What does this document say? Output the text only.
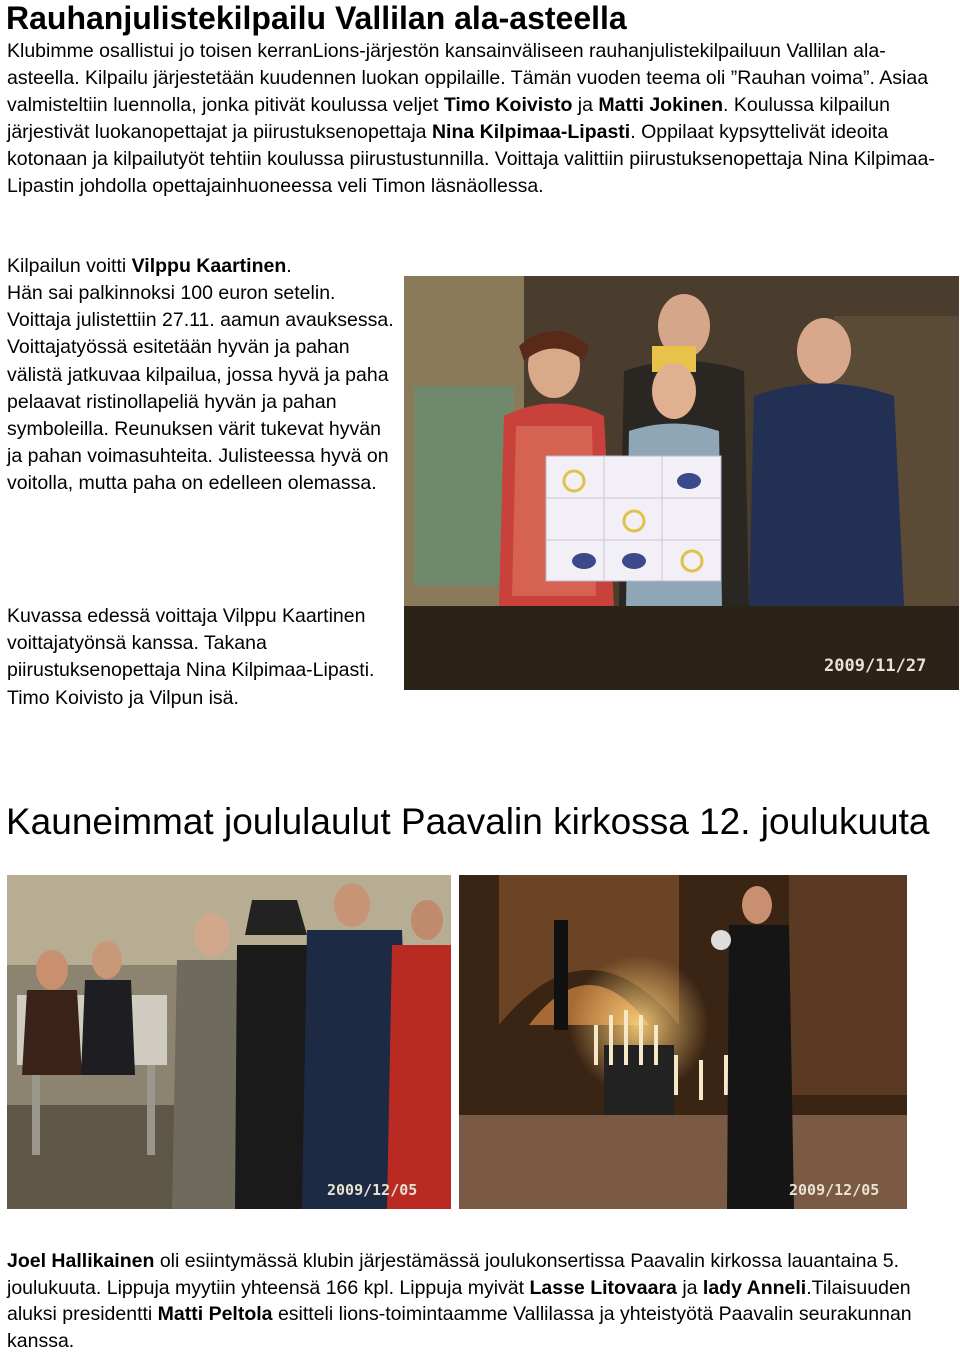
Rauhanjulistekilpailu Vallilan ala-asteella

Klubimme osallistui jo toisen kerranLions-järjestön kansainväliseen rauhanjulistekilpailuun Vallilan ala-asteella. Kilpailu järjestetään kuudennen luokan oppilaille. Tämän vuoden teema oli ”Rauhan voima”. Asiaa valmisteltiin luennolla, jonka pitivät koulussa veljet Timo Koivisto ja Matti Jokinen. Koulussa kilpailun järjestivät luokanopettajat ja piirustuksenopettaja Nina Kilpimaa-Lipasti. Oppilaat kypsyttelivät ideoita kotonaan ja kilpailutyöt tehtiin koulussa piirustustunnilla. Voittaja valittiin piirustuksenopettaja Nina Kilpimaa-Lipastin johdolla opettajainhuoneessa veli Timon läsnäollessa.

Kilpailun voitti Vilppu Kaartinen.

Hän sai palkinnoksi 100 euron setelin. Voittaja julistettiin 27.11. aamun avauksessa. Voittajatyössä esitetään hyvän ja pahan välistä jatkuvaa kilpailua, jossa hyvä ja paha pelaavat ristinollapeliä hyvän ja pahan symboleilla. Reunuksen värit tukevat hyvän ja pahan voimasuhteita. Julisteessa hyvä on voitolla, mutta paha on edelleen olemassa.

Kuvassa edessä voittaja Vilppu Kaartinen voittajatyönsä kanssa. Takana piirustuksenopettaja Nina Kilpimaa-Lipasti. Timo Koivisto ja Vilpun isä.

2009/11/27
Kauneimmat joululaulut Paavalin kirkossa 12. joulukuuta
2009/12/05	2009/12/05

Joel Hallikainen oli esiintymässä klubin järjestämässä joulukonsertissa Paavalin kirkossa lauantaina 5. joulukuuta. Lippuja myytiin yhteensä 166 kpl. Lippuja myivät Lasse Litovaara ja lady Anneli.Tilaisuuden aluksi presidentti Matti Peltola esitteli lions-toimintaamme Vallilassa ja yhteistyötä Paavalin seurakunnan kanssa.
